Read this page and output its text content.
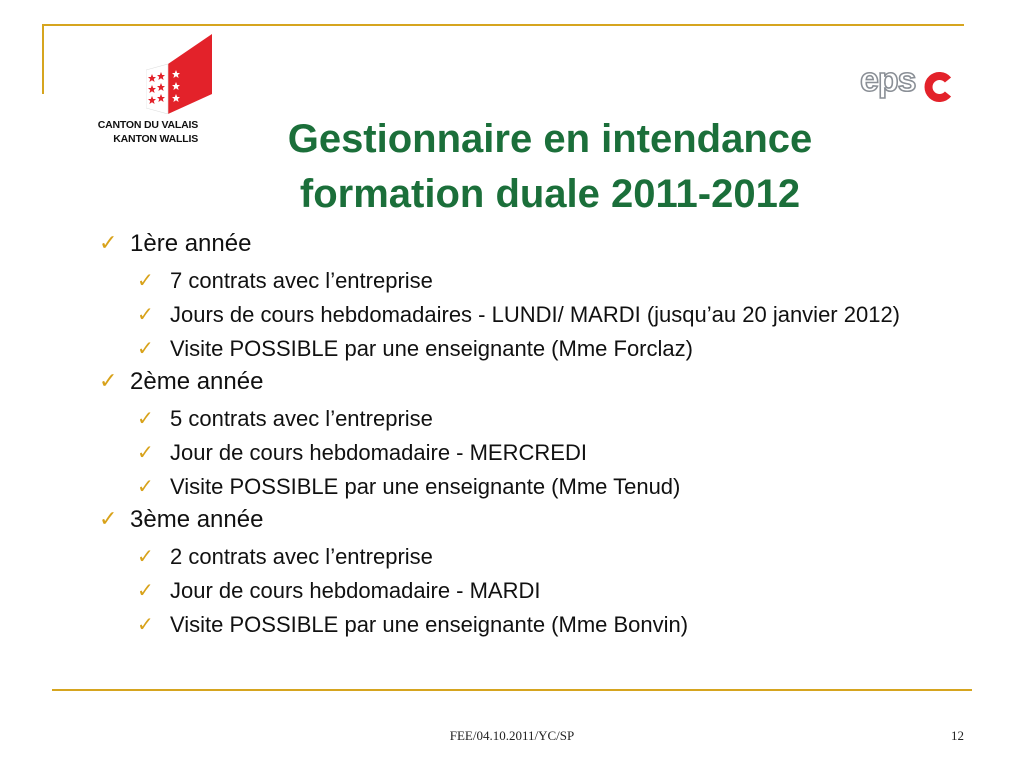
CANTON DU VALAIS
KANTON WALLIS
eps	C
Gestionnaire en intendance
formation duale 2011-2012
✓ 1ère année
✓ 7 contrats avec l’entreprise
✓ Jours de cours hebdomadaires - LUNDI/ MARDI (jusqu’au 20 janvier 2012)
✓ Visite POSSIBLE par une enseignante (Mme Forclaz)
✓ 2ème année
✓ 5 contrats avec l’entreprise
✓ Jour de cours hebdomadaire - MERCREDI
✓ Visite POSSIBLE par une enseignante (Mme Tenud)
✓ 3ème année
✓ 2 contrats avec l’entreprise
✓ Jour de cours hebdomadaire - MARDI
✓ Visite POSSIBLE par une enseignante (Mme Bonvin)
FEE/04.10.2011/YC/SP	12
